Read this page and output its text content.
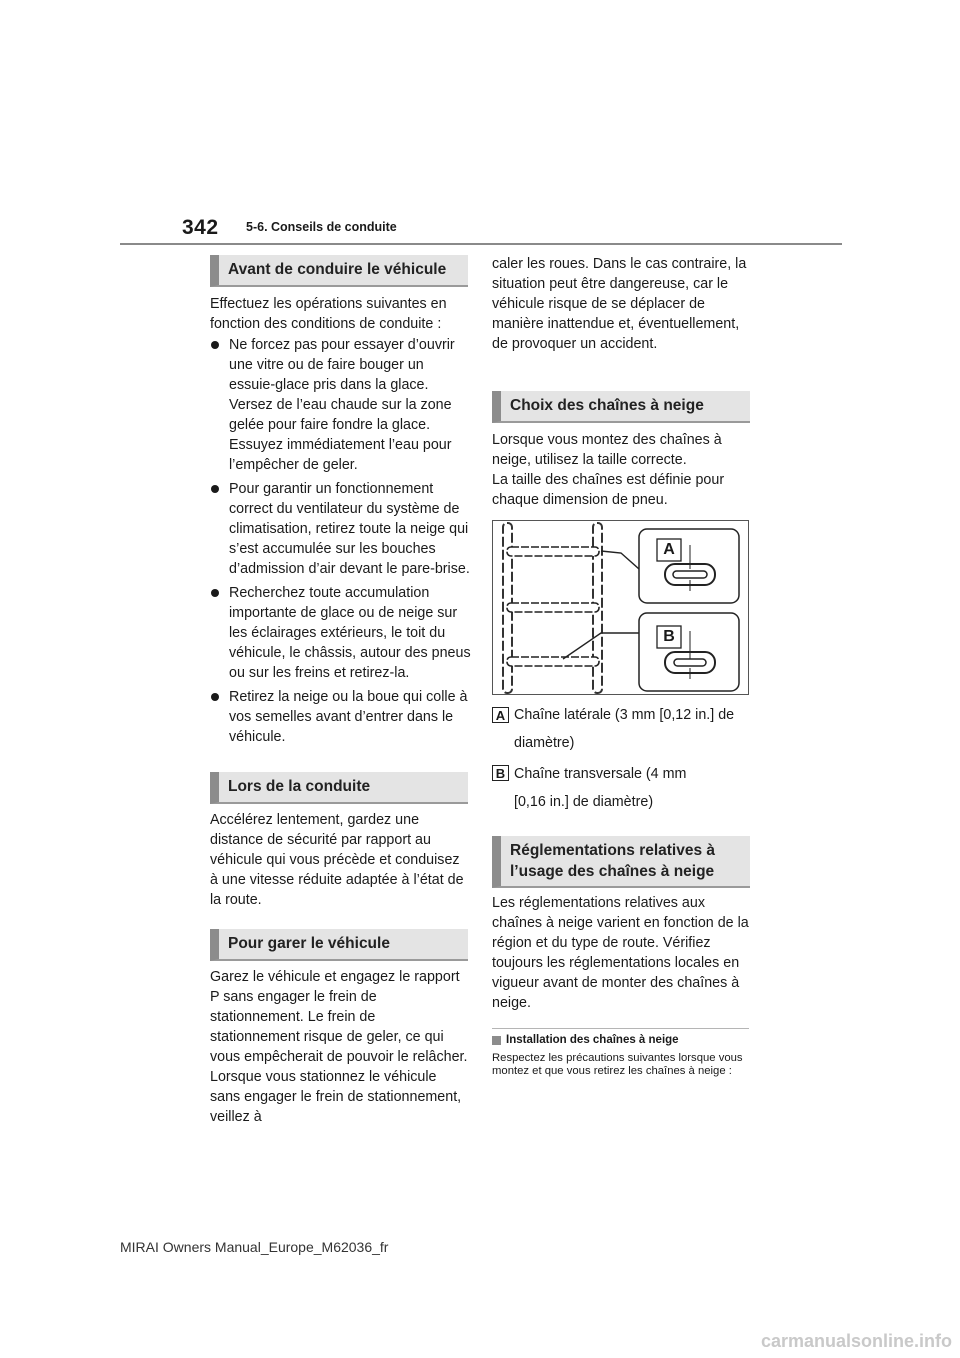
342 5-6. Conseils de conduite
Avant de conduire le véhicule
Effectuez les opérations suivantes en fonction des conditions de conduite :
Ne forcez pas pour essayer d’ouvrir une vitre ou de faire bouger un essuie-glace pris dans la glace. Versez de l’eau chaude sur la zone gelée pour faire fondre la glace. Essuyez immédiatement l’eau pour l’empêcher de geler.
Pour garantir un fonctionnement correct du ventilateur du système de climatisation, retirez toute la neige qui s’est accumulée sur les bouches d’admission d’air devant le pare-brise.
Recherchez toute accumulation importante de glace ou de neige sur les éclairages extérieurs, le toit du véhicule, le châssis, autour des pneus ou sur les freins et retirez-la.
Retirez la neige ou la boue qui colle à vos semelles avant d’entrer dans le véhicule.
Lors de la conduite
Accélérez lentement, gardez une distance de sécurité par rapport au véhicule qui vous précède et conduisez à une vitesse réduite adaptée à l’état de la route.
Pour garer le véhicule
Garez le véhicule et engagez le rapport P sans engager le frein de stationnement. Le frein de stationnement risque de geler, ce qui vous empêcherait de pouvoir le relâcher. Lorsque vous stationnez le véhicule sans engager le frein de stationnement, veillez à
caler les roues. Dans le cas contraire, la situation peut être dangereuse, car le véhicule risque de se déplacer de manière inattendue et, éventuellement, de provoquer un accident.
Choix des chaînes à neige
Lorsque vous montez des chaînes à neige, utilisez la taille correcte.
La taille des chaînes est définie pour chaque dimension de pneu.
A
B
A Chaîne latérale (3 mm [0,12 in.] de
diamètre)
B Chaîne transversale (4 mm
[0,16 in.] de diamètre)
Réglementations relatives à
l’usage des chaînes à neige
Les réglementations relatives aux chaînes à neige varient en fonction de la région et du type de route. Vérifiez toujours les réglementations locales en vigueur avant de monter des chaînes à neige.
Installation des chaînes à neige
Respectez les précautions suivantes lorsque vous montez et que vous retirez les chaînes à neige :
MIRAI Owners Manual_Europe_M62036_fr
carmanualsonline.info
